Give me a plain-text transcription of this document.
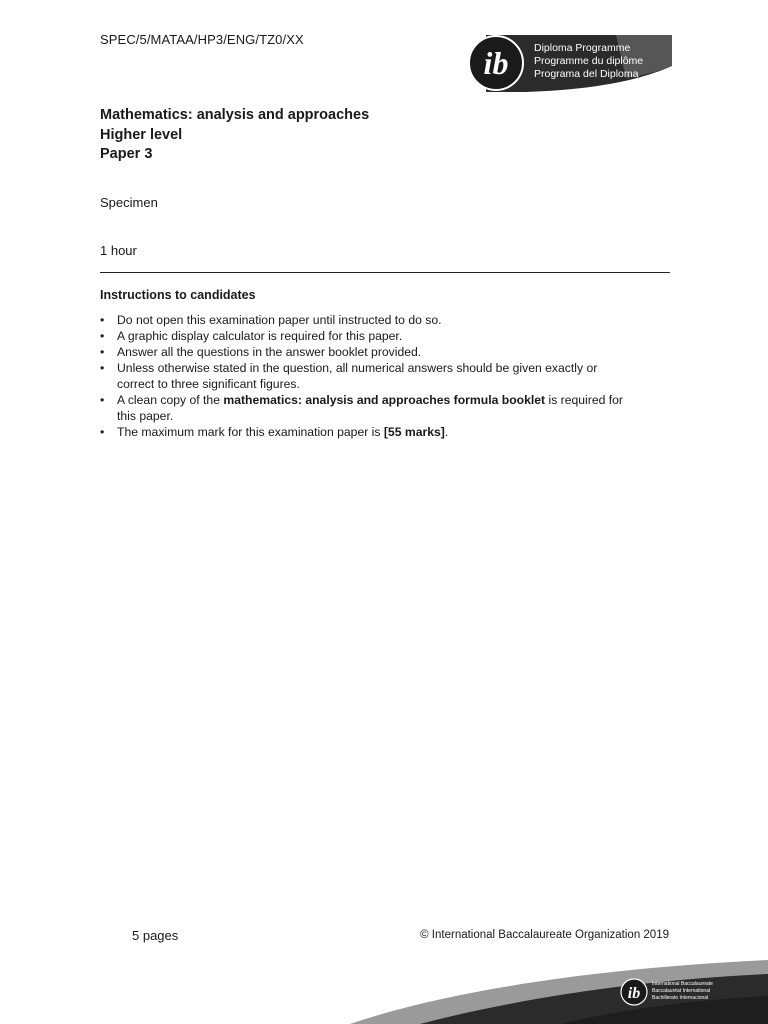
SPEC/5/MATAA/HP3/ENG/TZ0/XX
ib Diploma Programme
Programme du diplôme
Programa del Diploma
Mathematics: analysis and approaches
Higher level
Paper 3
Specimen
1 hour
Instructions to candidates
• Do not open this examination paper until instructed to do so.
• A graphic display calculator is required for this paper.
• Answer all the questions in the answer booklet provided.
• Unless otherwise stated in the question, all numerical answers should be given exactly or
correct to three significant figures.
• A clean copy of the mathematics: analysis and approaches formula booklet is required for
this paper.
• The maximum mark for this examination paper is [55 marks].
5 pages	© International Baccalaureate Organization 2019
ib
International Baccalaureate
Baccalauréat International
Bachillerato Internacional
